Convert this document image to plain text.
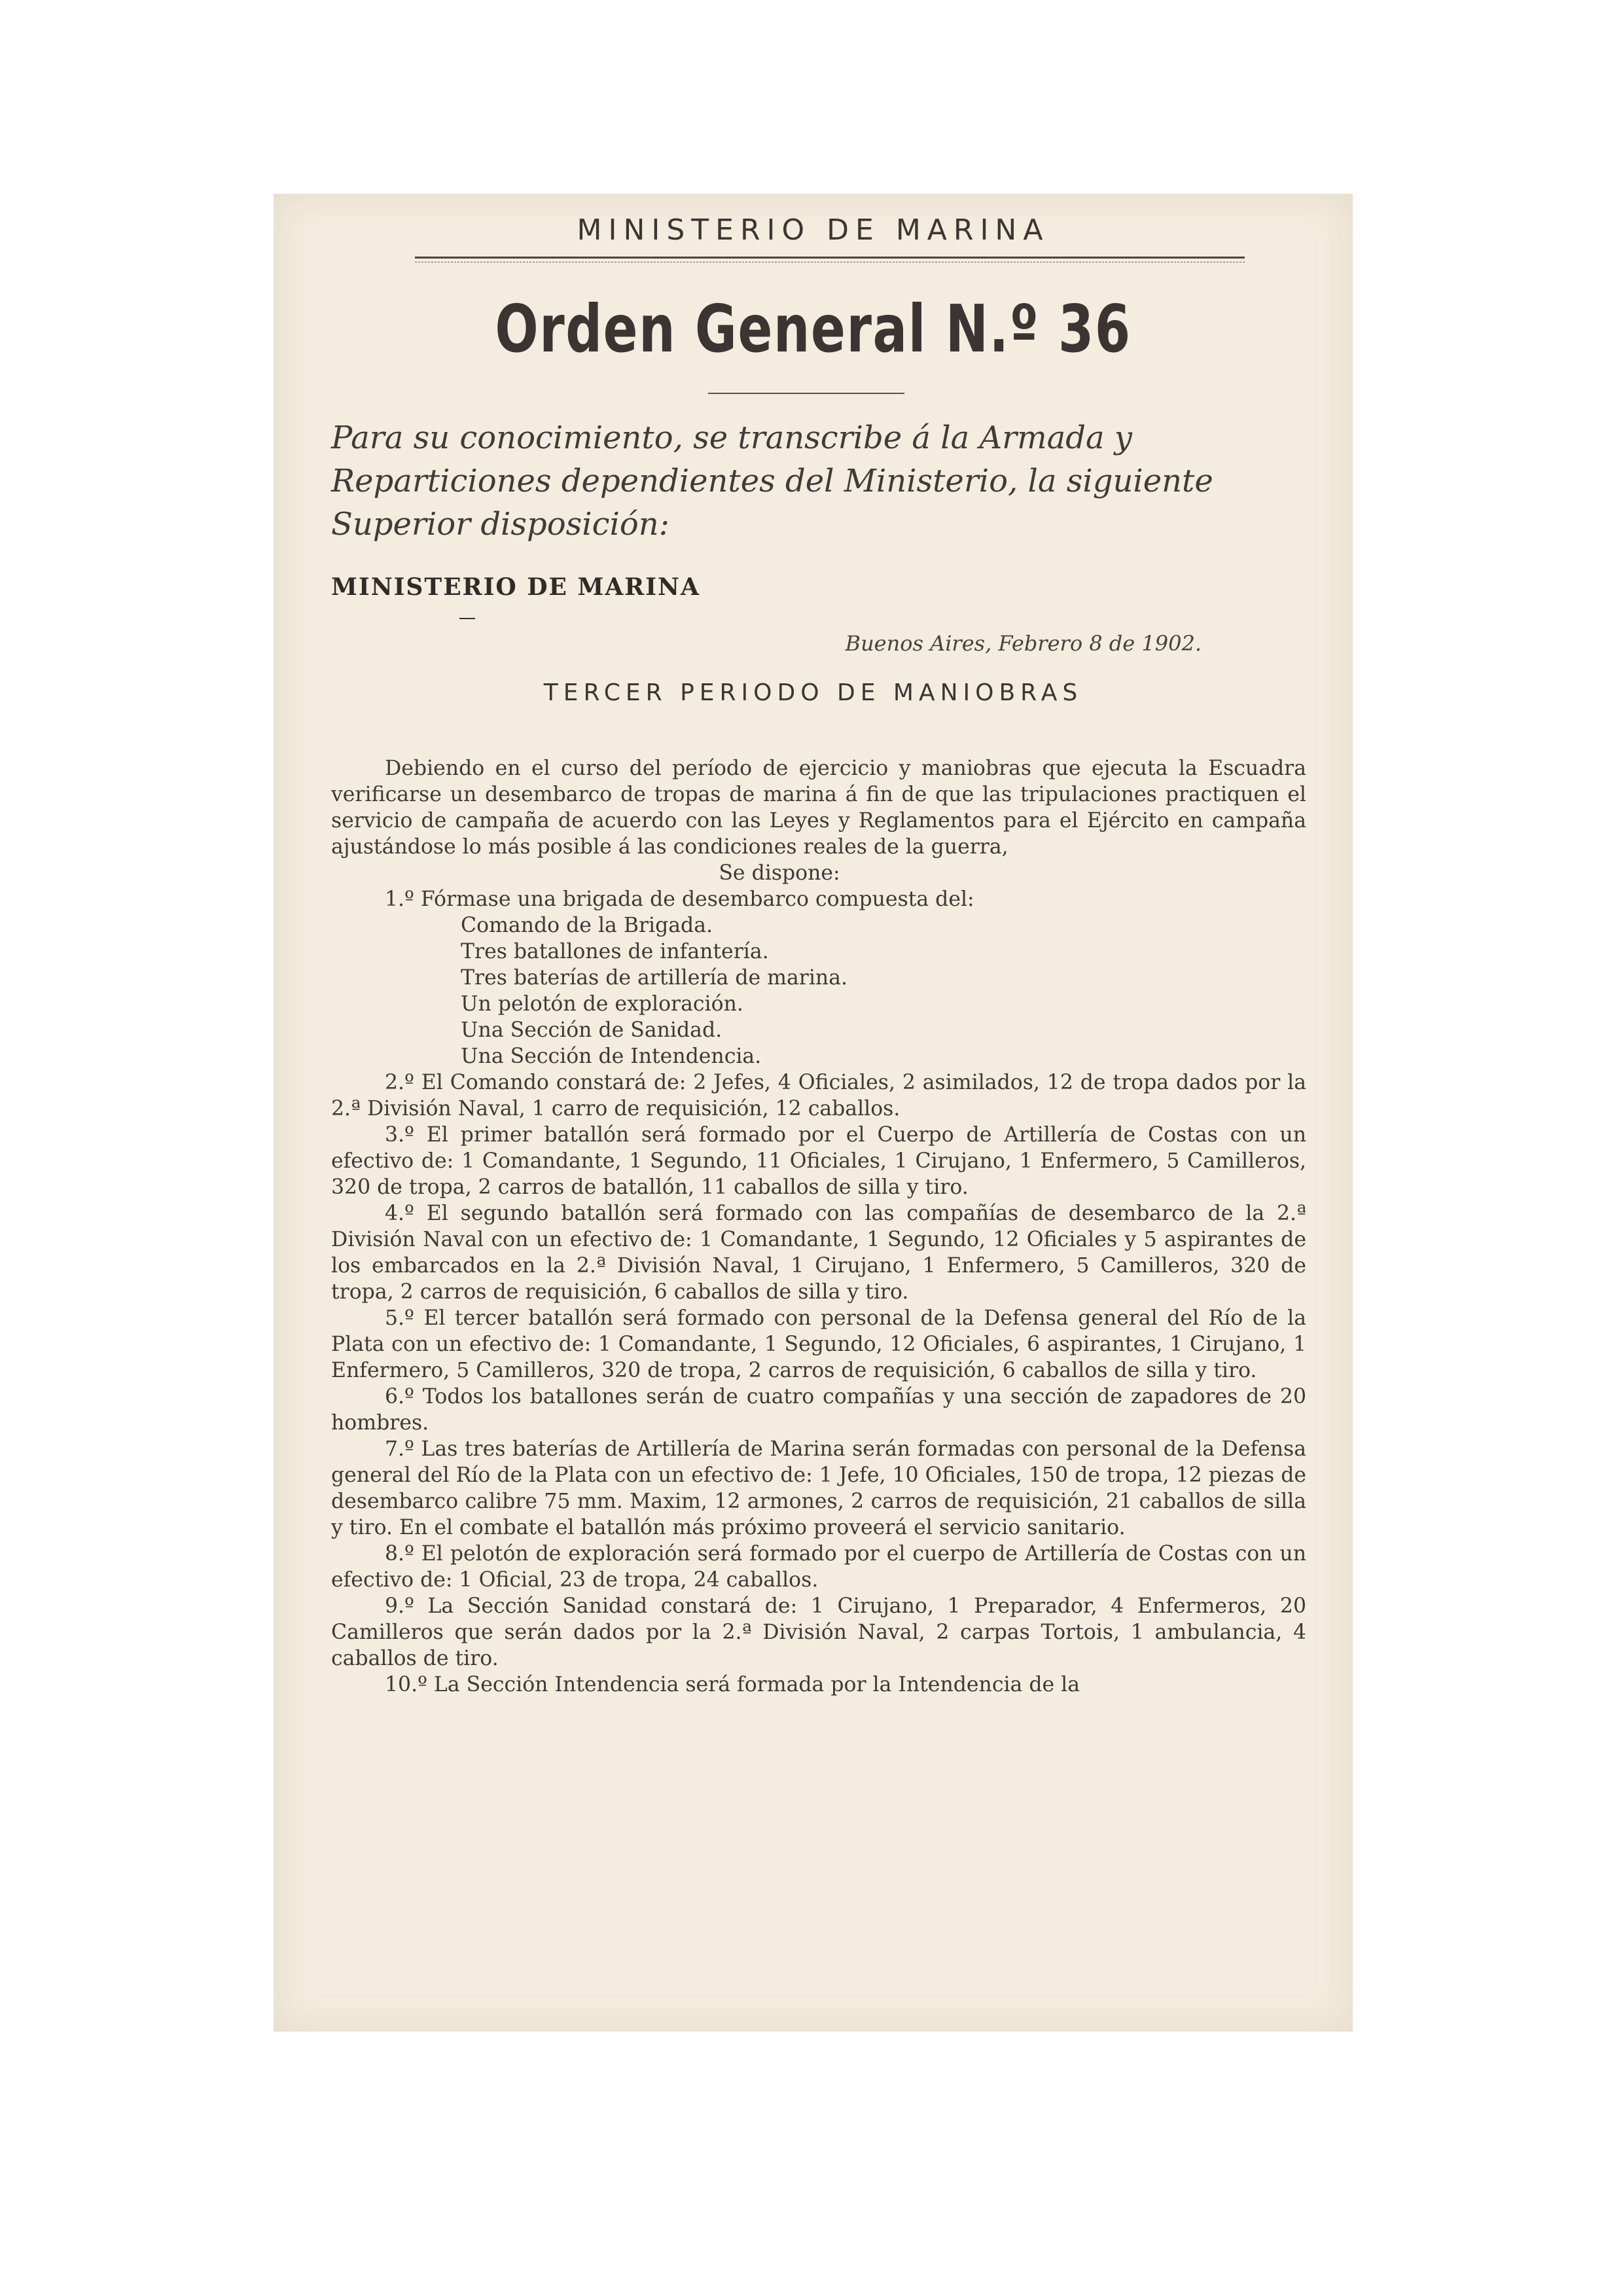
MINISTERIO DE MARINA
Orden General N.º 36
Para su conocimiento, se transcribe á la Armada y Reparticiones dependientes del Ministerio, la siguiente Superior disposición:
MINISTERIO DE MARINA
Buenos Aires, Febrero 8 de 1902.
TERCER PERIODO DE MANIOBRAS

Debiendo en el curso del período de ejercicio y maniobras que ejecuta la Escuadra verificarse un desembarco de tropas de marina á fin de que las tripulaciones practiquen el servicio de campaña de acuerdo con las Leyes y Reglamentos para el Ejército en campaña ajustándose lo más posible á las condiciones reales de la guerra,

Se dispone:

1.º Fórmase una brigada de desembarco compuesta del:

Comando de la Brigada.

Tres batallones de infantería.

Tres baterías de artillería de marina.

Un pelotón de exploración.

Una Sección de Sanidad.

Una Sección de Intendencia.

2.º El Comando constará de: 2 Jefes, 4 Oficiales, 2 asimilados, 12 de tropa dados por la 2.ª División Naval, 1 carro de requisición, 12 caballos.

3.º El primer batallón será formado por el Cuerpo de Artillería de Costas con un efectivo de: 1 Comandante, 1 Segundo, 11 Oficiales, 1 Cirujano, 1 Enfermero, 5 Camilleros, 320 de tropa, 2 carros de batallón, 11 caballos de silla y tiro.

4.º El segundo batallón será formado con las compañías de desembarco de la 2.ª División Naval con un efectivo de: 1 Comandante, 1 Segundo, 12 Oficiales y 5 aspirantes de los embarcados en la 2.ª División Naval, 1 Cirujano, 1 Enfermero, 5 Camilleros, 320 de tropa, 2 carros de requisición, 6 caballos de silla y tiro.

5.º El tercer batallón será formado con personal de la Defensa general del Río de la Plata con un efectivo de: 1 Comandante, 1 Segundo, 12 Oficiales, 6 aspirantes, 1 Cirujano, 1 Enfermero, 5 Camilleros, 320 de tropa, 2 carros de requisición, 6 caballos de silla y tiro.

6.º Todos los batallones serán de cuatro compañías y una sección de zapadores de 20 hombres.

7.º Las tres baterías de Artillería de Marina serán formadas con personal de la Defensa general del Río de la Plata con un efectivo de: 1 Jefe, 10 Oficiales, 150 de tropa, 12 piezas de desembarco calibre 75 mm. Maxim, 12 armones, 2 carros de requisición, 21 caballos de silla y tiro. En el combate el batallón más próximo proveerá el servicio sanitario.

8.º El pelotón de exploración será formado por el cuerpo de Artillería de Costas con un efectivo de: 1 Oficial, 23 de tropa, 24 caballos.

9.º La Sección Sanidad constará de: 1 Cirujano, 1 Preparador, 4 Enfermeros, 20 Camilleros que serán dados por la 2.ª División Naval, 2 carpas Tortois, 1 ambulancia, 4 caballos de tiro.

10.º La Sección Intendencia será formada por la Intendencia de la
